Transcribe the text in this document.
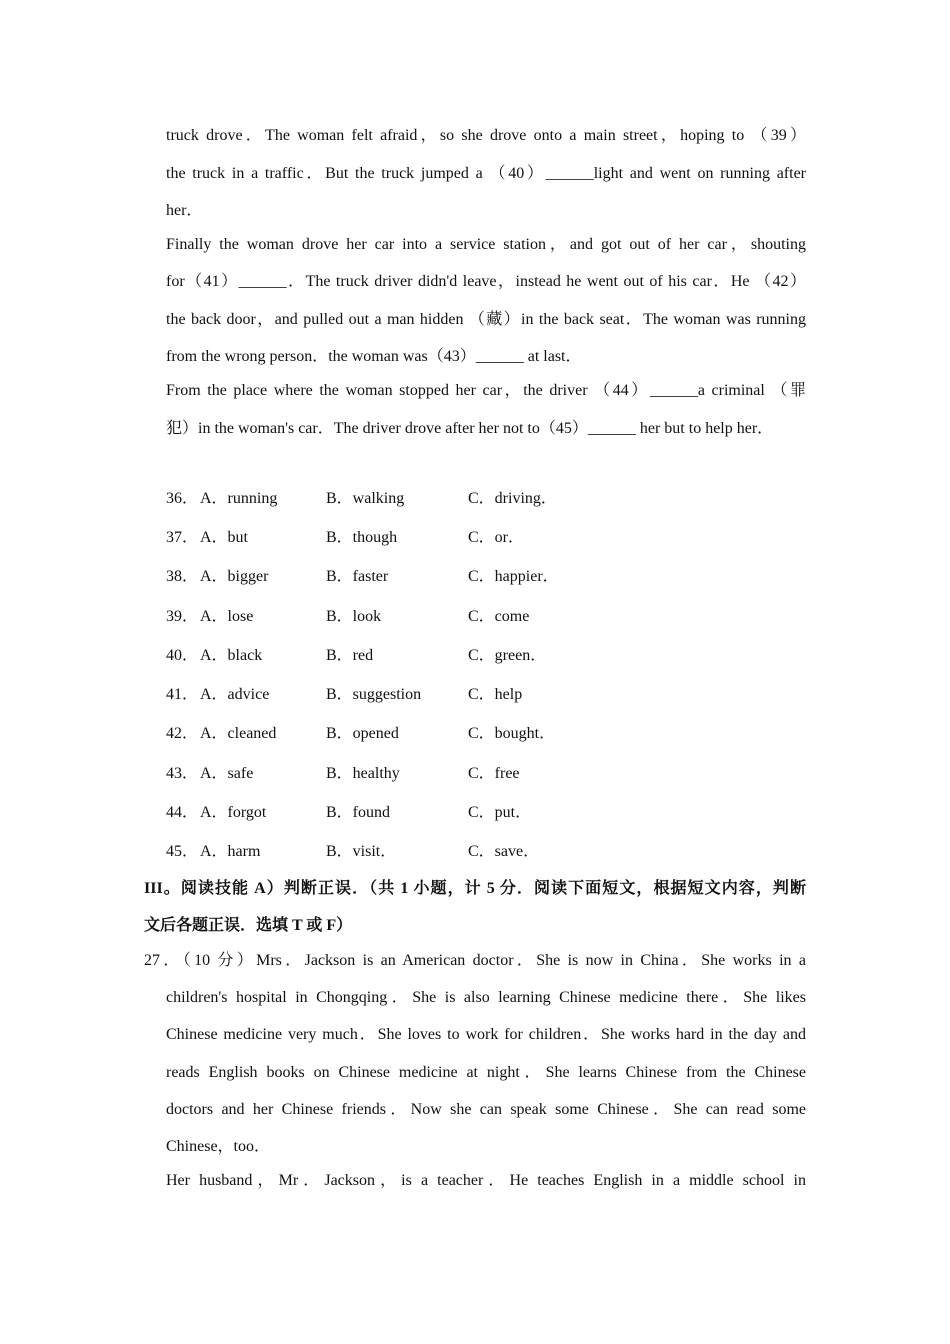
truck drove．The woman felt afraid，so she drove onto a main street，hoping to （39）
the truck in a traffic．But the truck jumped a （40）______light and went on running after
her．
Finally the woman drove her car into a service station，and got out of her car，shouting
for（41）______．The truck driver didn'd leave，instead he went out of his car．He （42）
the back door，and pulled out a man hidden （藏）in the back seat．The woman was running
from the wrong person．the woman was（43）______ at last．
From the place where the woman stopped her car，the driver （44）______a criminal （罪
犯）in the woman's car．The driver drove after her not to（45）______ her but to help her．
36． A．running	B．walking	C．driving．
37． A．but	B．though	C．or．
38． A．bigger	B．faster	C．happier．
39． A．lose	B．look	C．come
40． A．black	B．red	C．green．
41． A．advice	B．suggestion	C．help
42． A．cleaned	B．opened	C．bought．
43． A．safe	B．healthy	C．free
44． A．forgot	B．found	C．put．
45． A．harm	B．visit．	C．save．
III。阅读技能 A）判断正误．（共 1 小题，计 5 分．阅读下面短文，根据短文内容，判断
文后各题正误．选填 T 或 F）
27．（10 分）Mrs．Jackson is an American doctor．She is now in China．She works in a
children's hospital in Chongqing．She is also learning Chinese medicine there．She likes
Chinese medicine very much．She loves to work for children．She works hard in the day and
reads English books on Chinese medicine at night．She learns Chinese from the Chinese
doctors and her Chinese friends．Now she can speak some Chinese．She can read some
Chinese，too．
Her husband，Mr．Jackson，is a teacher．He teaches English in a middle school in
